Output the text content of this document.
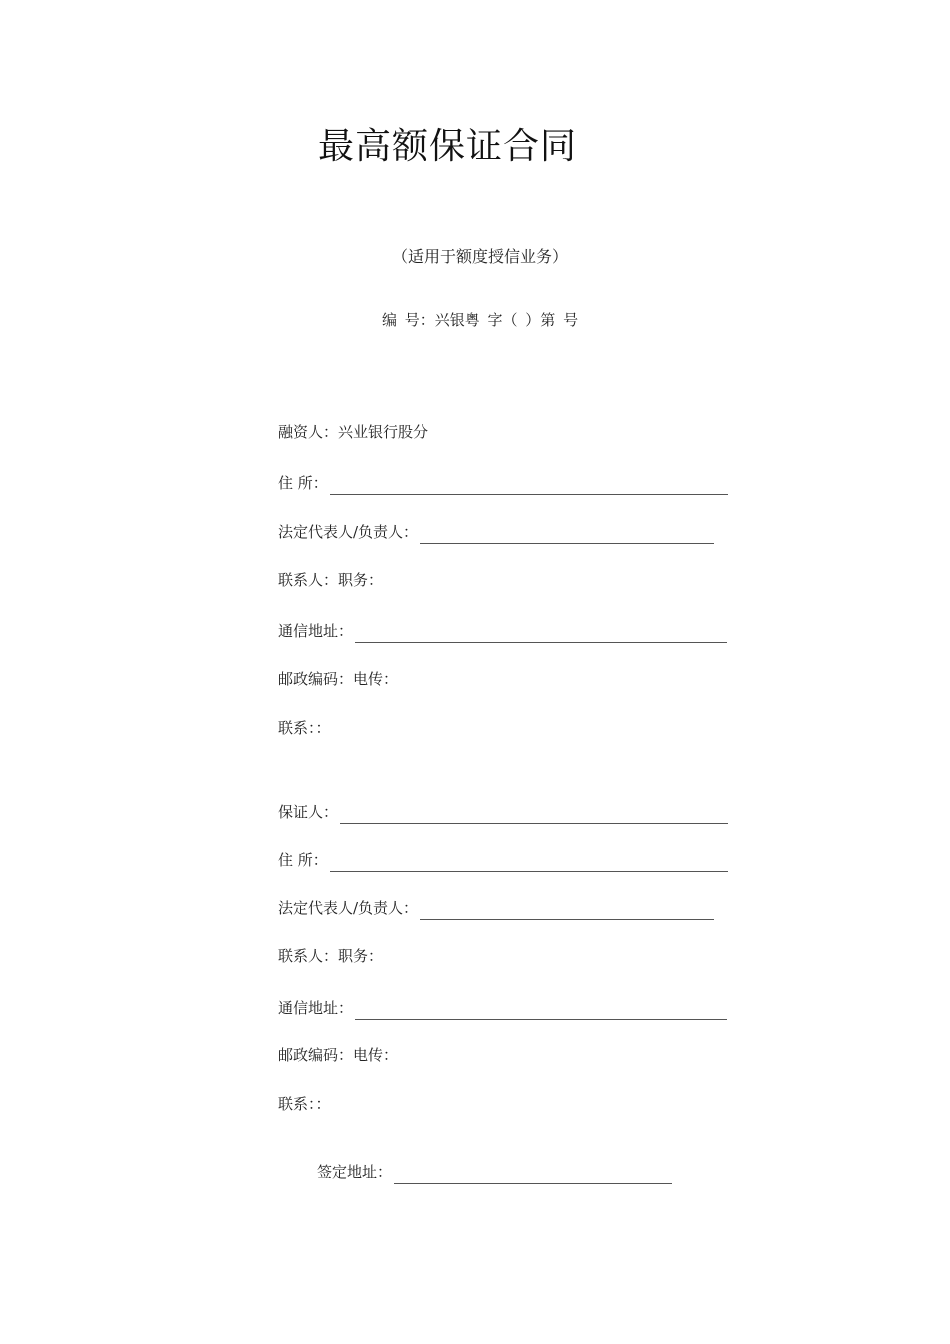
最高额保证合同
（适用于额度授信业务）
编 号：兴银粤 字（ ）第 号
融资人：兴业银行股分
住 所：
法定代表人/负责人：
联系人：职务：
通信地址：
邮政编码：电传：
联系：：
保证人：
住 所：
法定代表人/负责人：
联系人：职务：
通信地址：
邮政编码：电传：
联系：：
签定地址：
